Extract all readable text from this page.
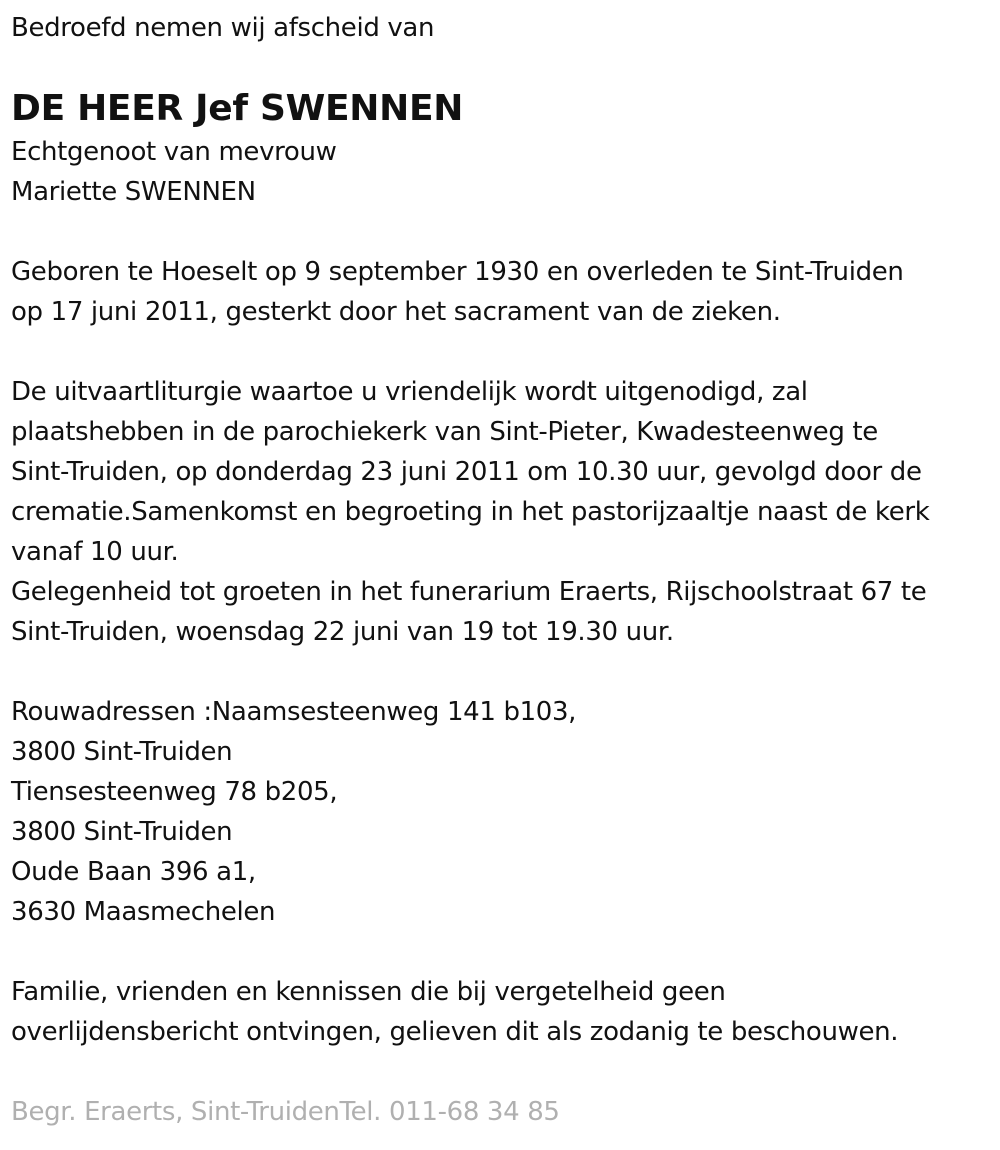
Bedroefd nemen wij afscheid van
DE HEER Jef SWENNEN
Echtgenoot van mevrouw
Mariette SWENNEN
Geboren te Hoeselt op 9 september 1930 en overleden te Sint-Truiden
op 17 juni 2011, gesterkt door het sacrament van de zieken.
De uitvaartliturgie waartoe u vriendelijk wordt uitgenodigd, zal
plaatshebben in de parochiekerk van Sint-Pieter, Kwadesteenweg te
Sint-Truiden, op donderdag 23 juni 2011 om 10.30 uur, gevolgd door de
crematie.Samenkomst en begroeting in het pastorijzaaltje naast de kerk
vanaf 10 uur.
Gelegenheid tot groeten in het funerarium Eraerts, Rijschoolstraat 67 te
Sint-Truiden, woensdag 22 juni van 19 tot 19.30 uur.
Rouwadressen :Naamsesteenweg 141 b103,
3800 Sint-Truiden
Tiensesteenweg 78 b205,
3800 Sint-Truiden
Oude Baan 396 a1,
3630 Maasmechelen
Familie, vrienden en kennissen die bij vergetelheid geen
overlijdensbericht ontvingen, gelieven dit als zodanig te beschouwen.
Begr. Eraerts, Sint-TruidenTel. 011-68 34 85
